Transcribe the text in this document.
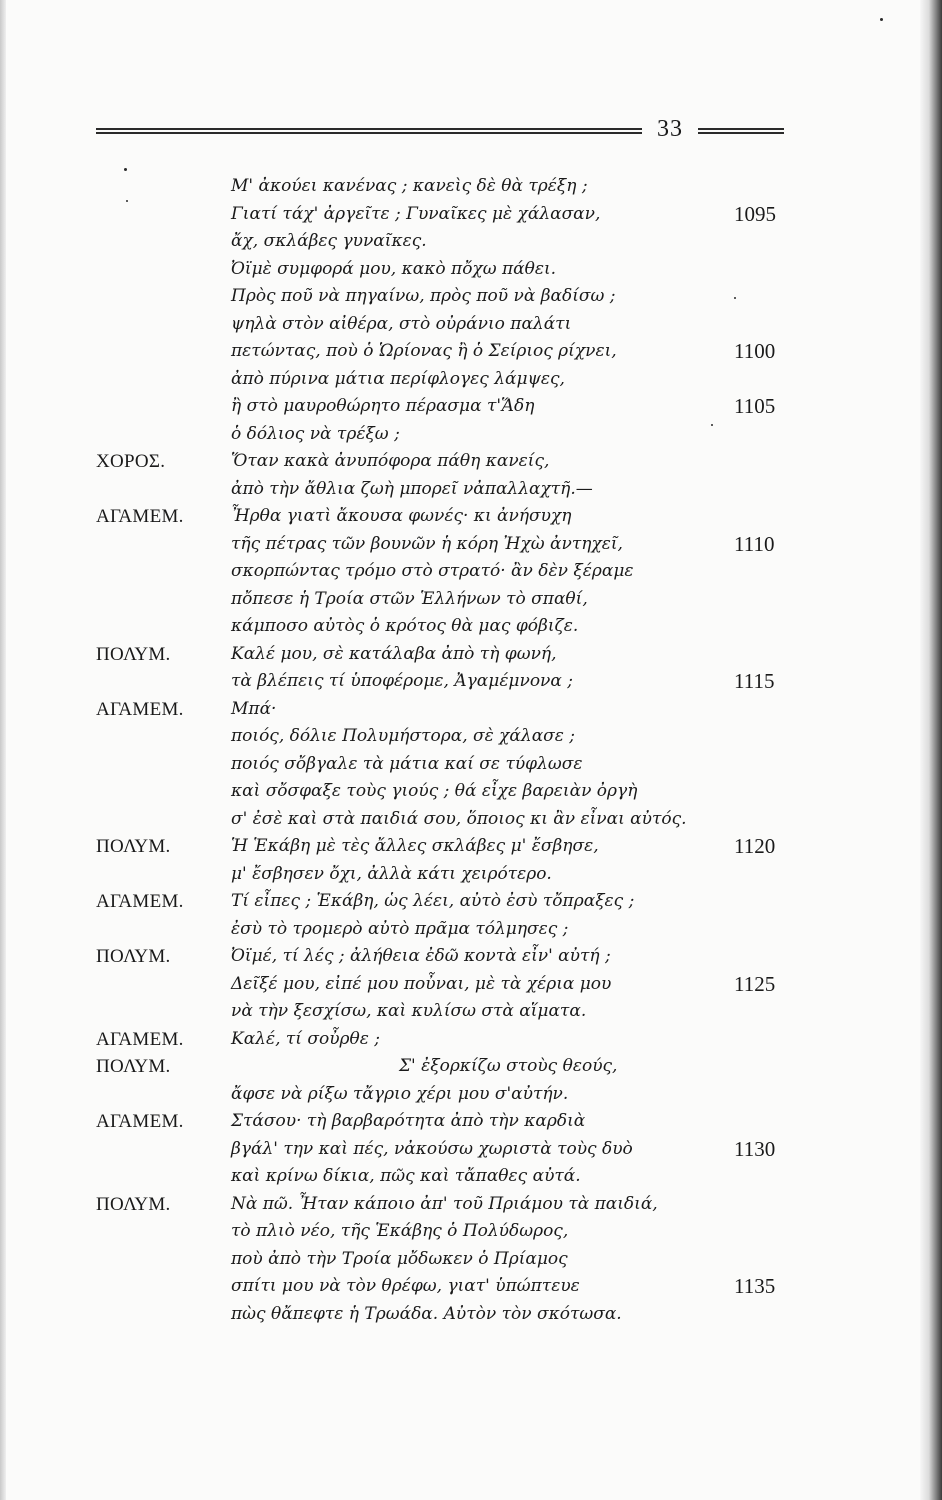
33
Μ' ἀκούει κανένας ; κανεὶς δὲ θὰ τρέξη ;
Γιατί τάχ' ἀργεῖτε ; Γυναῖκες μὲ χάλασαν,	1095
ἄχ, σκλάβες γυναῖκες.
Ὀϊμὲ συμφορά μου, κακὸ πὄχω πάθει.
Πρὸς ποῦ νὰ πηγαίνω, πρὸς ποῦ νὰ βαδίσω ;
ψηλὰ στὸν αἰθέρα, στὸ οὐράνιο παλάτι
πετώντας, ποὺ ὁ Ὡρίονας ἢ ὁ Σείριος ρίχνει,	1100
ἀπὸ πύρινα μάτια περίφλογες λάμψες,
ἢ στὸ μαυροθώρητο πέρασμα τ'Ἅδη	1105
ὁ δόλιος νὰ τρέξω ;
ΧΟΡΟΣ.	Ὅταν κακὰ ἀνυπόφορα πάθη κανείς,
ἀπὸ τὴν ἄθλια ζωὴ μπορεῖ νἀπαλλαχτῆ.—
ΑΓΑΜΕΜ.	Ἦρθα γιατὶ ἄκουσα φωνές· κι ἀνήσυχη
τῆς πέτρας τῶν βουνῶν ἡ κόρη Ἠχὼ ἀντηχεῖ,	1110
σκορπώντας τρόμο στὸ στρατό· ἂν δὲν ξέραμε
πὄπεσε ἡ Τροία στῶν Ἑλλήνων τὸ σπαθί,
κάμποσο αὐτὸς ὁ κρότος θὰ μας φόβιζε.
ΠΟΛΥΜ.	Καλέ μου, σὲ κατάλαβα ἀπὸ τὴ φωνή,
τὰ βλέπεις τί ὑποφέρομε, Ἀγαμέμνονα ;	1115
ΑΓΑΜΕΜ.	Μπά·
ποιός, δόλιε Πολυμήστορα, σὲ χάλασε ;
ποιός σὄβγαλε τὰ μάτια καί σε τύφλωσε
καὶ σὄσφαξε τοὺς γιούς ; θά εἶχε βαρειὰν ὀργὴ
σ' ἐσὲ καὶ στὰ παιδιά σου, ὅποιος κι ἂν εἶναι αὐτός.
ΠΟΛΥΜ.	Ἡ Ἑκάβη μὲ τὲς ἄλλες σκλάβες μ' ἔσβησε,	1120
μ' ἔσβησεν ὄχι, ἀλλὰ κάτι χειρότερο.
ΑΓΑΜΕΜ.	Τί εἶπες ; Ἑκάβη, ὡς λέει, αὐτὸ ἐσὺ τὄπραξες ;
ἐσὺ τὸ τρομερὸ αὐτὸ πρᾶμα τόλμησες ;
ΠΟΛΥΜ.	Ὀϊμέ, τί λές ; ἀλήθεια ἐδῶ κοντὰ εἶν' αὐτή ;
Δεῖξέ μου, εἰπέ μου ποὖναι, μὲ τὰ χέρια μου	1125
νὰ τὴν ξεσχίσω, καὶ κυλίσω στὰ αἵματα.
ΑΓΑΜΕΜ.	Καλέ, τί σοὖρθε ;
ΠΟΛΥΜ.	Σ' ἐξορκίζω στοὺς θεούς,
ἄφσε νὰ ρίξω τἄγριο χέρι μου σ'αὐτήν.
ΑΓΑΜΕΜ.	Στάσου· τὴ βαρβαρότητα ἀπὸ τὴν καρδιὰ
βγάλ' την καὶ πές, νἀκούσω χωριστὰ τοὺς δυὸ	1130
καὶ κρίνω δίκια, πῶς καὶ τἄπαθες αὐτά.
ΠΟΛΥΜ.	Νὰ πῶ. Ἦταν κάποιο ἀπ' τοῦ Πριάμου τὰ παιδιά,
τὸ πλιὸ νέο, τῆς Ἑκάβης ὁ Πολύδωρος,
ποὺ ἀπὸ τὴν Τροία μὄδωκεν ὁ Πρίαμος
σπίτι μου νὰ τὸν θρέφω, γιατ' ὑπώπτευε	1135
πὼς θἄπεφτε ἡ Τρωάδα. Αὐτὸν τὸν σκότωσα.
